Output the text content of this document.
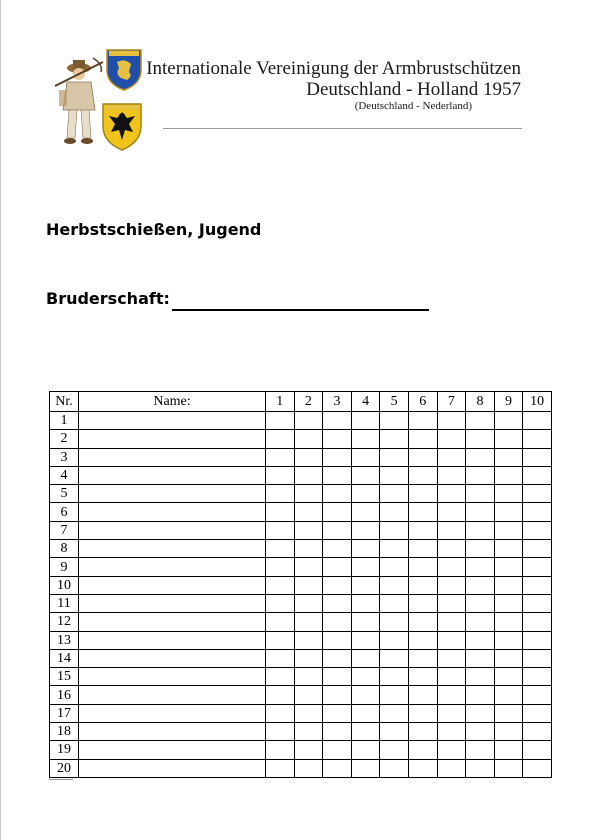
Internationale Vereinigung der Armbrustschützen
Deutschland - Holland 1957
(Deutschland - Nederland)
Herbstschießen, Jugend
Bruderschaft:
Nr.	Name:	1	2	3	4	5	6	7	8	9	10
1											
2											
3											
4											
5											
6											
7											
8											
9											
10											
11											
12											
13											
14											
15											
16											
17											
18											
19											
20											
